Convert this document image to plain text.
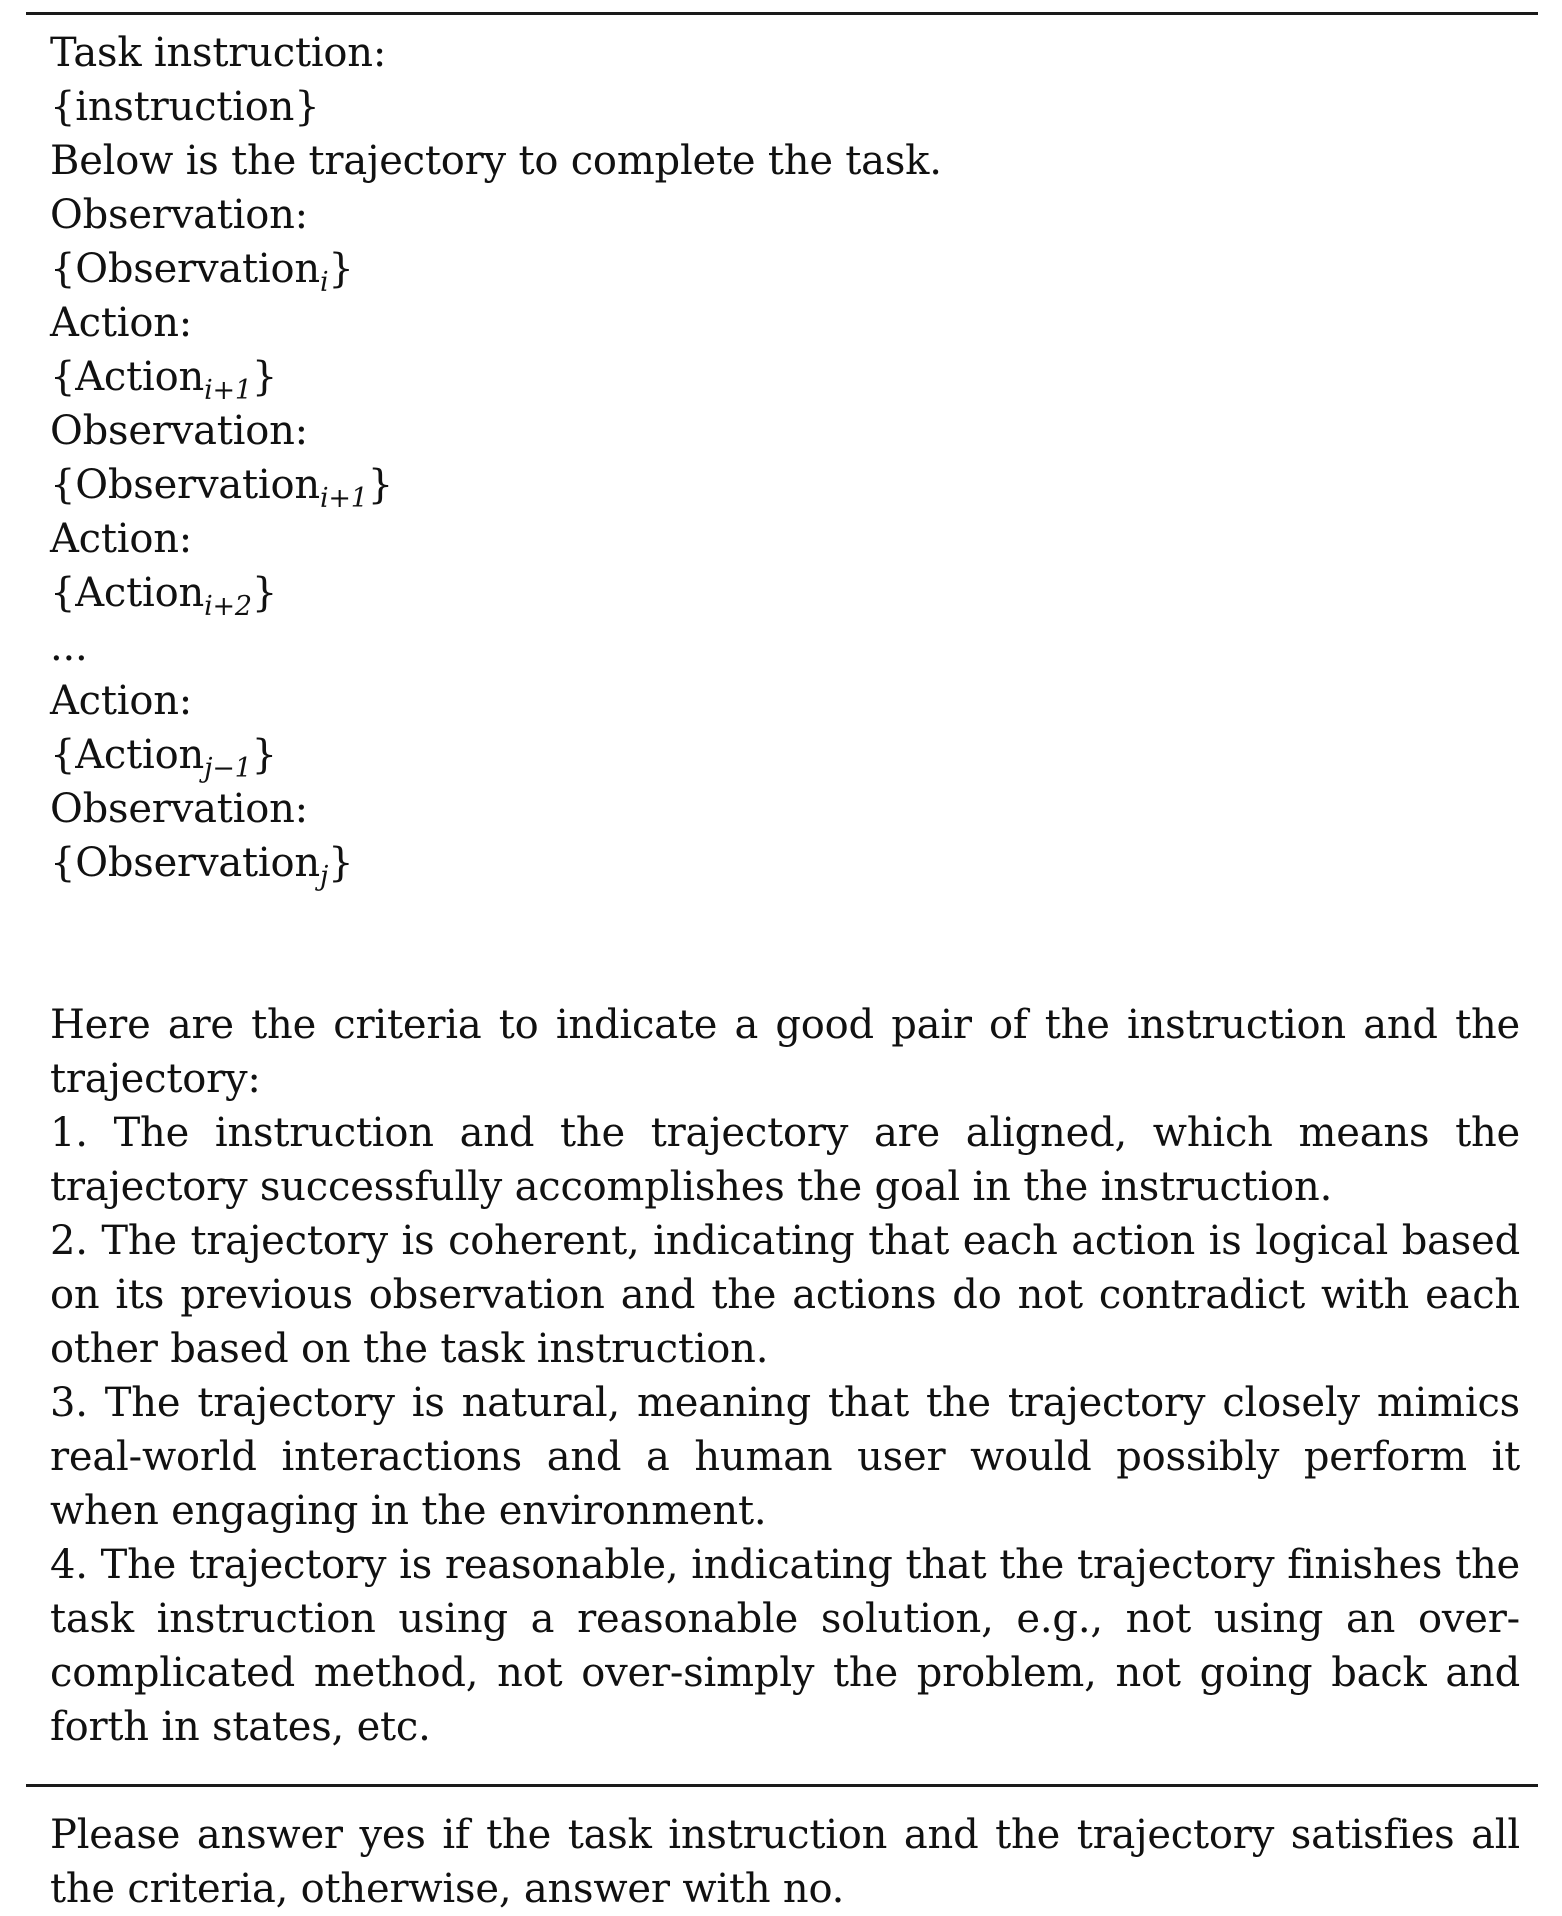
Task instruction:
{instruction}
Below is the trajectory to complete the task.
Observation:
{Observation$_i$}
Action:
{Action$_{i+1}$}
Observation:
{Observation$_{i+1}$}
Action:
{Action$_{i+2}$}
...
Action:
{Action$_{j-1}$}
Observation:
{Observation$_j$}
Here are the criteria to indicate a good pair of the instruction and the trajectory:
1. The instruction and the trajectory are aligned, which means the trajectory successfully accomplishes the goal in the instruction.
2. The trajectory is coherent, indicating that each action is logical based on its previous observation and the actions do not contradict with each other based on the task instruction.
3. The trajectory is natural, meaning that the trajectory closely mimics real-world interactions and a human user would possibly perform it when engaging in the environment.
4. The trajectory is reasonable, indicating that the trajectory finishes the task instruction using a reasonable solution, e.g., not using an over-complicated method, not over-simply the problem, not going back and forth in states, etc.
Please answer yes if the task instruction and the trajectory satisfies all the criteria, otherwise, answer with no.
